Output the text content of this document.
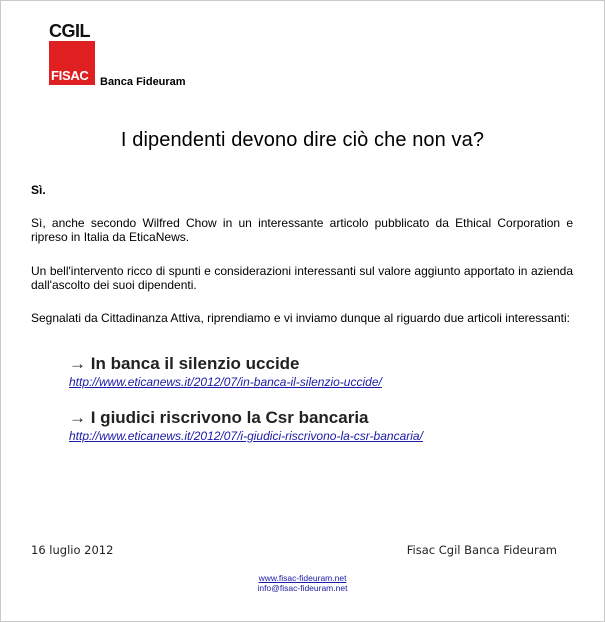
CGIL
FISAC Banca Fideuram
I dipendenti devono dire ciò che non va?
Sì.
Sì, anche secondo Wilfred Chow in un interessante articolo pubblicato da Ethical Corporation e ripreso in Italia da EticaNews.
Un bell'intervento ricco di spunti e considerazioni interessanti sul valore aggiunto apportato in azienda dall'ascolto dei suoi dipendenti.
Segnalati da Cittadinanza Attiva, riprendiamo e vi inviamo dunque al riguardo due articoli interessanti:
→ In banca il silenzio uccide
http://www.eticanews.it/2012/07/in-banca-il-silenzio-uccide/
→ I giudici riscrivono la Csr bancaria
http://www.eticanews.it/2012/07/i-giudici-riscrivono-la-csr-bancaria/
16 luglio 2012	Fisac Cgil Banca Fideuram
www.fisac-fideuram.net
info@fisac-fideuram.net
